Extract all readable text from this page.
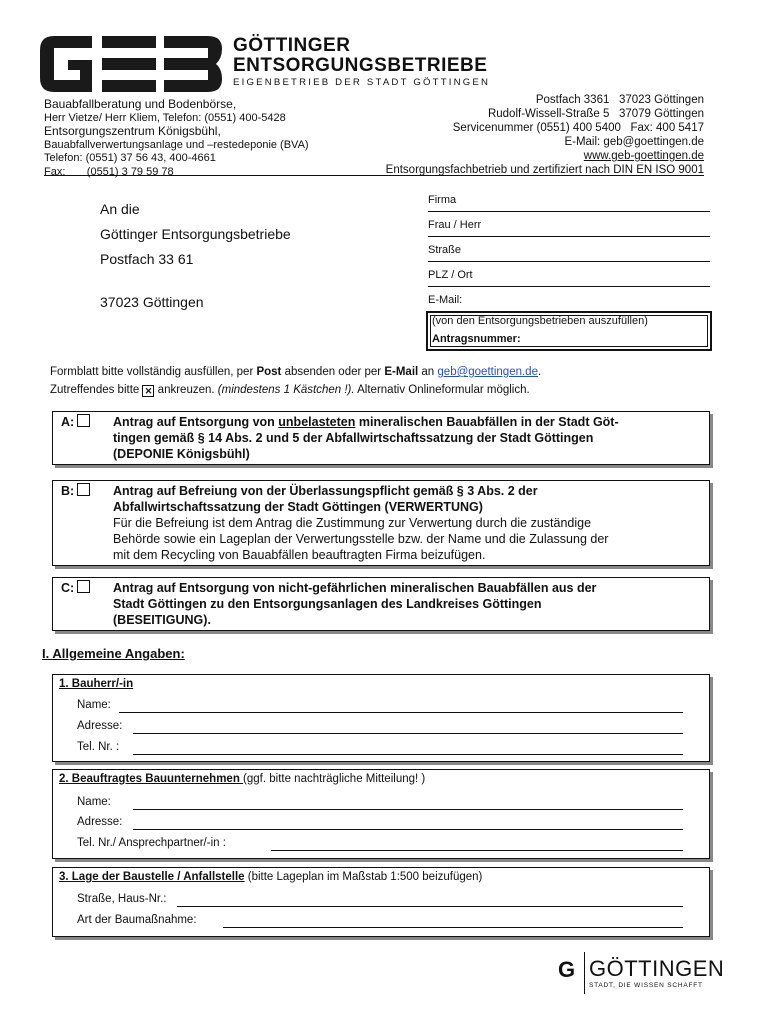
GÖTTINGER
ENTSORGUNGSBETRIEBE
EIGENBETRIEB DER STADT GÖTTINGEN
Bauabfallberatung und Bodenbörse,
Herr Vietze/ Herr Kliem, Telefon: (0551) 400-5428
Entsorgungszentrum Königsbühl,
Bauabfallverwertungsanlage und –restedeponie (BVA)
Telefon: (0551) 37 56 43, 400-4661
Fax:       (0551) 3 79 59 78
Postfach 3361   37023 Göttingen
Rudolf-Wissell-Straße 5   37079 Göttingen
Servicenummer (0551) 400 5400   Fax: 400 5417
E-Mail: geb@goettingen.de
www.geb-goettingen.de
Entsorgungsfachbetrieb und zertifiziert nach DIN EN ISO 9001
An die
Göttinger Entsorgungsbetriebe
Postfach 33 61
37023 Göttingen
Firma
Frau / Herr
Straße
PLZ / Ort
E-Mail:
(von den Entsorgungsbetrieben auszufüllen)
Antragsnummer:
Formblatt bitte vollständig ausfüllen, per Post absenden oder per E-Mail an geb@goettingen.de.
Zutreffendes bitte ✕ ankreuzen. (mindestens 1 Kästchen !). Alternativ Onlineformular möglich.
A:	Antrag auf Entsorgung von unbelasteten mineralischen Bauabfällen in der Stadt Göt-
tingen gemäß § 14 Abs. 2 und 5 der Abfallwirtschaftssatzung der Stadt Göttingen
(DEPONIE Königsbühl)
B:	Antrag auf Befreiung von der Überlassungspflicht gemäß § 3 Abs. 2 der
Abfallwirtschaftssatzung der Stadt Göttingen (VERWERTUNG)
Für die Befreiung ist dem Antrag die Zustimmung zur Verwertung durch die zuständige
Behörde sowie ein Lageplan der Verwertungsstelle bzw. der Name und die Zulassung der
mit dem Recycling von Bauabfällen beauftragten Firma beizufügen.
C:	Antrag auf Entsorgung von nicht-gefährlichen mineralischen Bauabfällen aus der
Stadt Göttingen zu den Entsorgungsanlagen des Landkreises Göttingen
(BESEITIGUNG).
I. Allgemeine Angaben:
1. Bauherr/-in
Name:
Adresse:
Tel. Nr. :
2. Beauftragtes Bauunternehmen (ggf. bitte nachträgliche Mitteilung! )
Name:
Adresse:
Tel. Nr./ Ansprechpartner/-in :
3. Lage der Baustelle / Anfallstelle (bitte Lageplan im Maßstab 1:500 beizufügen)
Straße, Haus-Nr.:
Art der Baumaßnahme:
G GÖTTINGEN
STADT, DIE WISSEN SCHAFFT
